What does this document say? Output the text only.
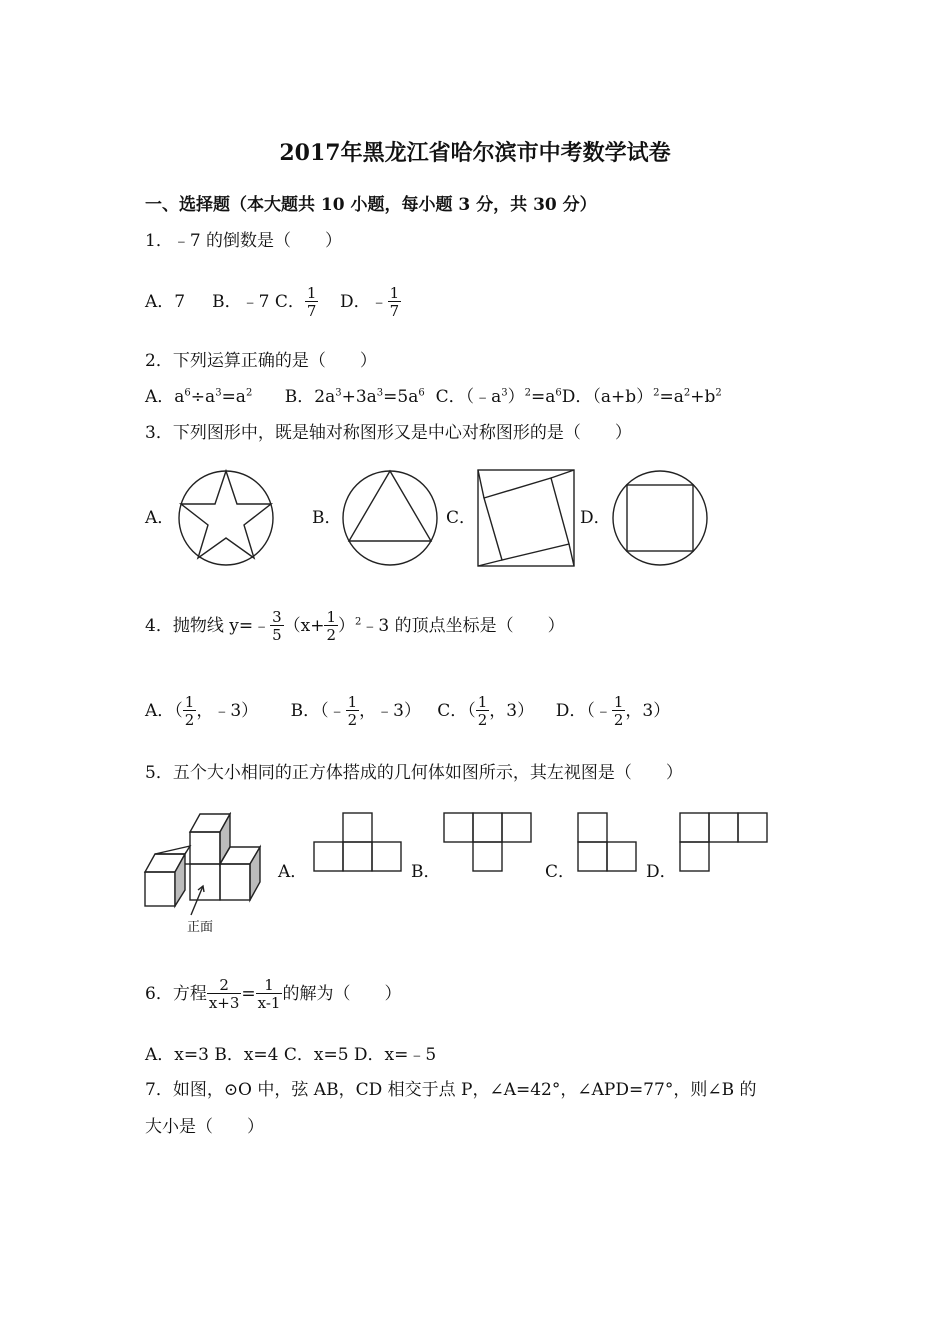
2017年黑龙江省哈尔滨市中考数学试卷
一、选择题（本大题共 10 小题，每小题 3 分，共 30 分）
1．﹣7 的倒数是（　　）
A．7 B．﹣7 C． $\frac{1}{7}$ D．﹣ $\frac{1}{7}$
2．下列运算正确的是（　　）
A．$a^6\div a^3=a^2$ B．$2a^3+3a^3=5a^6$ C．$(﹣a^3)^2=a^6D$．$(a+b)^2=a^2+b^2$
3．下列图形中，既是轴对称图形又是中心对称图形的是（　　）
A．	B．	C．	D．
4．抛物线 y=﹣ $\frac{3}{5} (x+ \frac{1}{2}$ ）$^2﹣3$ 的顶点坐标是（　　）
A．（ $\frac{1}{2}$ ，﹣3） B．（﹣ $\frac{1}{2}$ ，﹣3） C．（ $\frac{1}{2}$ ，3） D．（﹣ $\frac{1}{2}$ ，3）
5．五个大小相同的正方体搭成的几何体如图所示，其左视图是（　　）
正面
A．	B．	C．	D．
6．方程 $\frac{2}{x+3} = \frac{1}{x-1}$ 的解为（　　）
A．x=3 B．x=4 C．x=5 D．x=﹣5
7．如图，⊙O 中，弦 AB，CD 相交于点 P，∠A=42°，∠APD=77°，则∠B 的
大小是（　　）
